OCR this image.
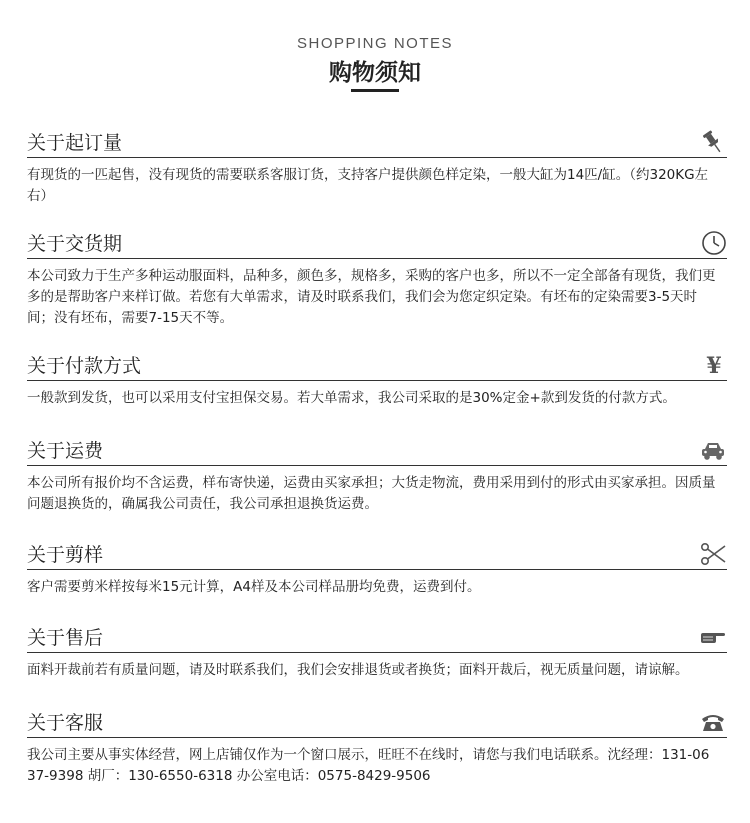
SHOPPING NOTES
购物须知
关于起订量
有现货的一匹起售，没有现货的需要联系客服订货，支持客户提供颜色样定染，一般大缸为14匹/缸。（约320KG左右）
关于交货期
本公司致力于生产多种运动服面料，品种多，颜色多，规格多，采购的客户也多，所以不一定全部备有现货，我们更多的是帮助客户来样订做。若您有大单需求，请及时联系我们，我们会为您定织定染。有坯布的定染需要3-5天时间；没有坯布，需要7-15天不等。
关于付款方式	¥
一般款到发货，也可以采用支付宝担保交易。若大单需求，我公司采取的是30%定金+款到发货的付款方式。
关于运费
本公司所有报价均不含运费，样布寄快递，运费由买家承担；大货走物流，费用采用到付的形式由买家承担。因质量问题退换货的，确属我公司责任，我公司承担退换货运费。
关于剪样
客户需要剪米样按每米15元计算，A4样及本公司样品册均免费，运费到付。
关于售后
面料开裁前若有质量问题，请及时联系我们，我们会安排退货或者换货；面料开裁后，视无质量问题，请谅解。
关于客服
我公司主要从事实体经营，网上店铺仅作为一个窗口展示，旺旺不在线时，请您与我们电话联系。沈经理：131-0637-9398 胡厂：130-6550-6318 办公室电话：0575-8429-9506
